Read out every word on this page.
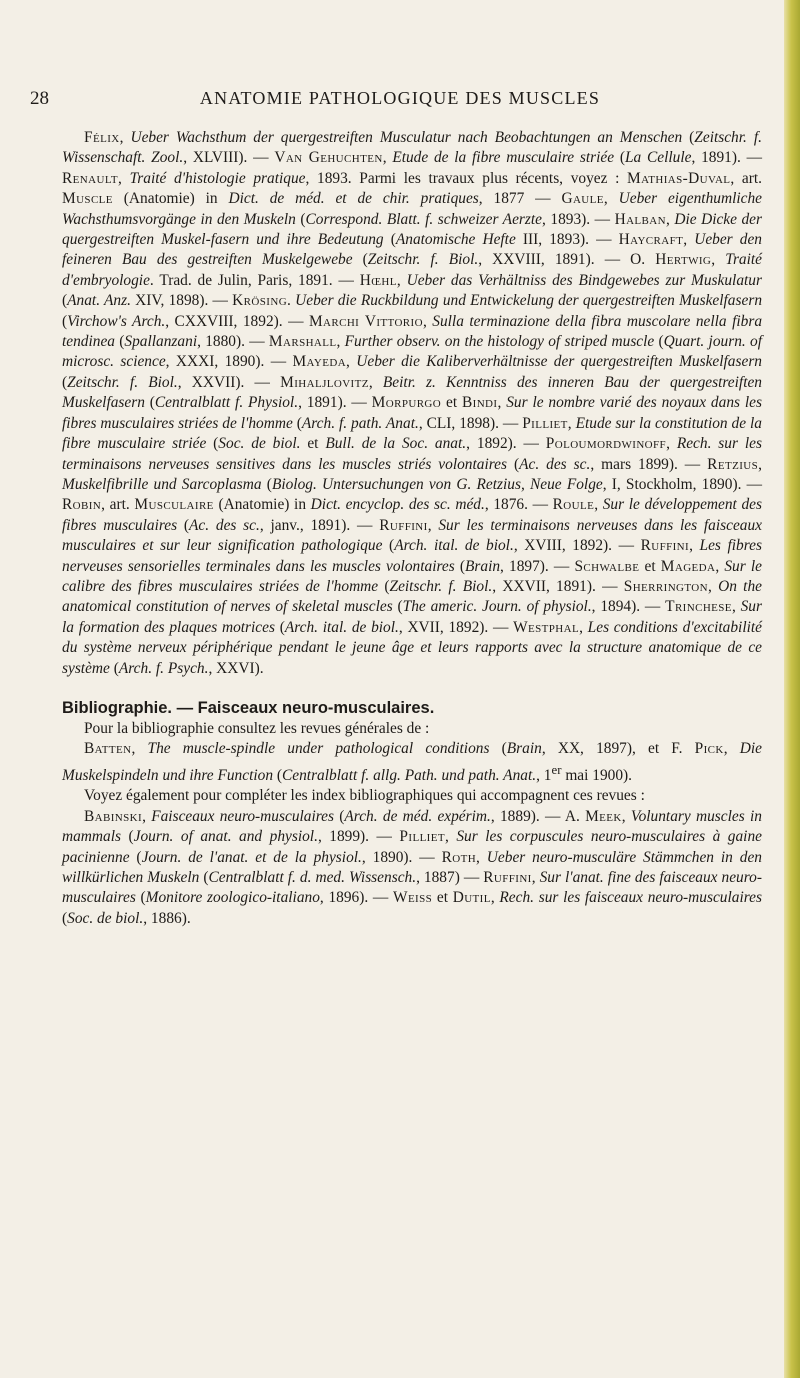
28	ANATOMIE PATHOLOGIQUE DES MUSCLES

Félix, Ueber Wachsthum der quergestreiften Musculatur nach Beobachtungen an Menschen (Zeitschr. f. Wissenschaft. Zool., XLVIII). — Van Gehuchten, Etude de la fibre musculaire striée (La Cellule, 1891). — Renault, Traité d'histologie pratique, 1893. Parmi les travaux plus récents, voyez : Mathias-Duval, art. Muscle (Anatomie) in Dict. de méd. et de chir. pratiques, 1877 — Gaule, Ueber eigenthumliche Wachsthumsvorgänge in den Muskeln (Correspond. Blatt. f. schweizer Aerzte, 1893). — Halban, Die Dicke der quergestreiften Muskel-fasern und ihre Bedeutung (Anatomische Hefte III, 1893). — Haycraft, Ueber den feineren Bau des gestreiften Muskelgewebe (Zeitschr. f. Biol., XXVIII, 1891). — O. Hertwig, Traité d'embryologie. Trad. de Julin, Paris, 1891. — Hœhl, Ueber das Verhältniss des Bindgewebes zur Muskulatur (Anat. Anz. XIV, 1898). — Krösing. Ueber die Ruckbildung und Entwickelung der quergestreiften Muskelfasern (Virchow's Arch., CXXVIII, 1892). — Marchi Vittorio, Sulla terminazione della fibra muscolare nella fibra tendinea (Spallanzani, 1880). — Marshall, Further observ. on the histology of striped muscle (Quart. journ. of microsc. science, XXXI, 1890). — Mayeda, Ueber die Kaliberverhältnisse der quergestreiften Muskelfasern (Zeitschr. f. Biol., XXVII). — Mihaljlovitz, Beitr. z. Kenntniss des inneren Bau der quergestreiften Muskelfasern (Centralblatt f. Physiol., 1891). — Morpurgo et Bindi, Sur le nombre varié des noyaux dans les fibres musculaires striées de l'homme (Arch. f. path. Anat., CLI, 1898). — Pilliet, Etude sur la constitution de la fibre musculaire striée (Soc. de biol. et Bull. de la Soc. anat., 1892). — Poloumordwinoff, Rech. sur les terminaisons nerveuses sensitives dans les muscles striés volontaires (Ac. des sc., mars 1899). — Retzius, Muskelfibrille und Sarcoplasma (Biolog. Untersuchungen von G. Retzius, Neue Folge, I, Stockholm, 1890). — Robin, art. Musculaire (Anatomie) in Dict. encyclop. des sc. méd., 1876. — Roule, Sur le développement des fibres musculaires (Ac. des sc., janv., 1891). — Ruffini, Sur les terminaisons nerveuses dans les faisceaux musculaires et sur leur signification pathologique (Arch. ital. de biol., XVIII, 1892). — Ruffini, Les fibres nerveuses sensorielles terminales dans les muscles volontaires (Brain, 1897). — Schwalbe et Mageda, Sur le calibre des fibres musculaires striées de l'homme (Zeitschr. f. Biol., XXVII, 1891). — Sherrington, On the anatomical constitution of nerves of skeletal muscles (The americ. Journ. of physiol., 1894). — Trinchese, Sur la formation des plaques motrices (Arch. ital. de biol., XVII, 1892). — Westphal, Les conditions d'excitabilité du système nerveux périphérique pendant le jeune âge et leurs rapports avec la structure anatomique de ce système (Arch. f. Psych., XXVI).

Bibliographie. — Faisceaux neuro-musculaires.

Pour la bibliographie consultez les revues générales de :

Batten, The muscle-spindle under pathological conditions (Brain, XX, 1897), et F. Pick, Die Muskelspindeln und ihre Function (Centralblatt f. allg. Path. und path. Anat., 1er mai 1900).

Voyez également pour compléter les index bibliographiques qui accompagnent ces revues :

Babinski, Faisceaux neuro-musculaires (Arch. de méd. expérim., 1889). — A. Meek, Voluntary muscles in mammals (Journ. of anat. and physiol., 1899). — Pilliet, Sur les corpuscules neuro-musculaires à gaine pacinienne (Journ. de l'anat. et de la physiol., 1890). — Roth, Ueber neuro-musculäre Stämmchen in den willkürlichen Muskeln (Centralblatt f. d. med. Wissensch., 1887) — Ruffini, Sur l'anat. fine des faisceaux neuro-musculaires (Monitore zoologico-italiano, 1896). — Weiss et Dutil, Rech. sur les faisceaux neuro-musculaires (Soc. de biol., 1886).
